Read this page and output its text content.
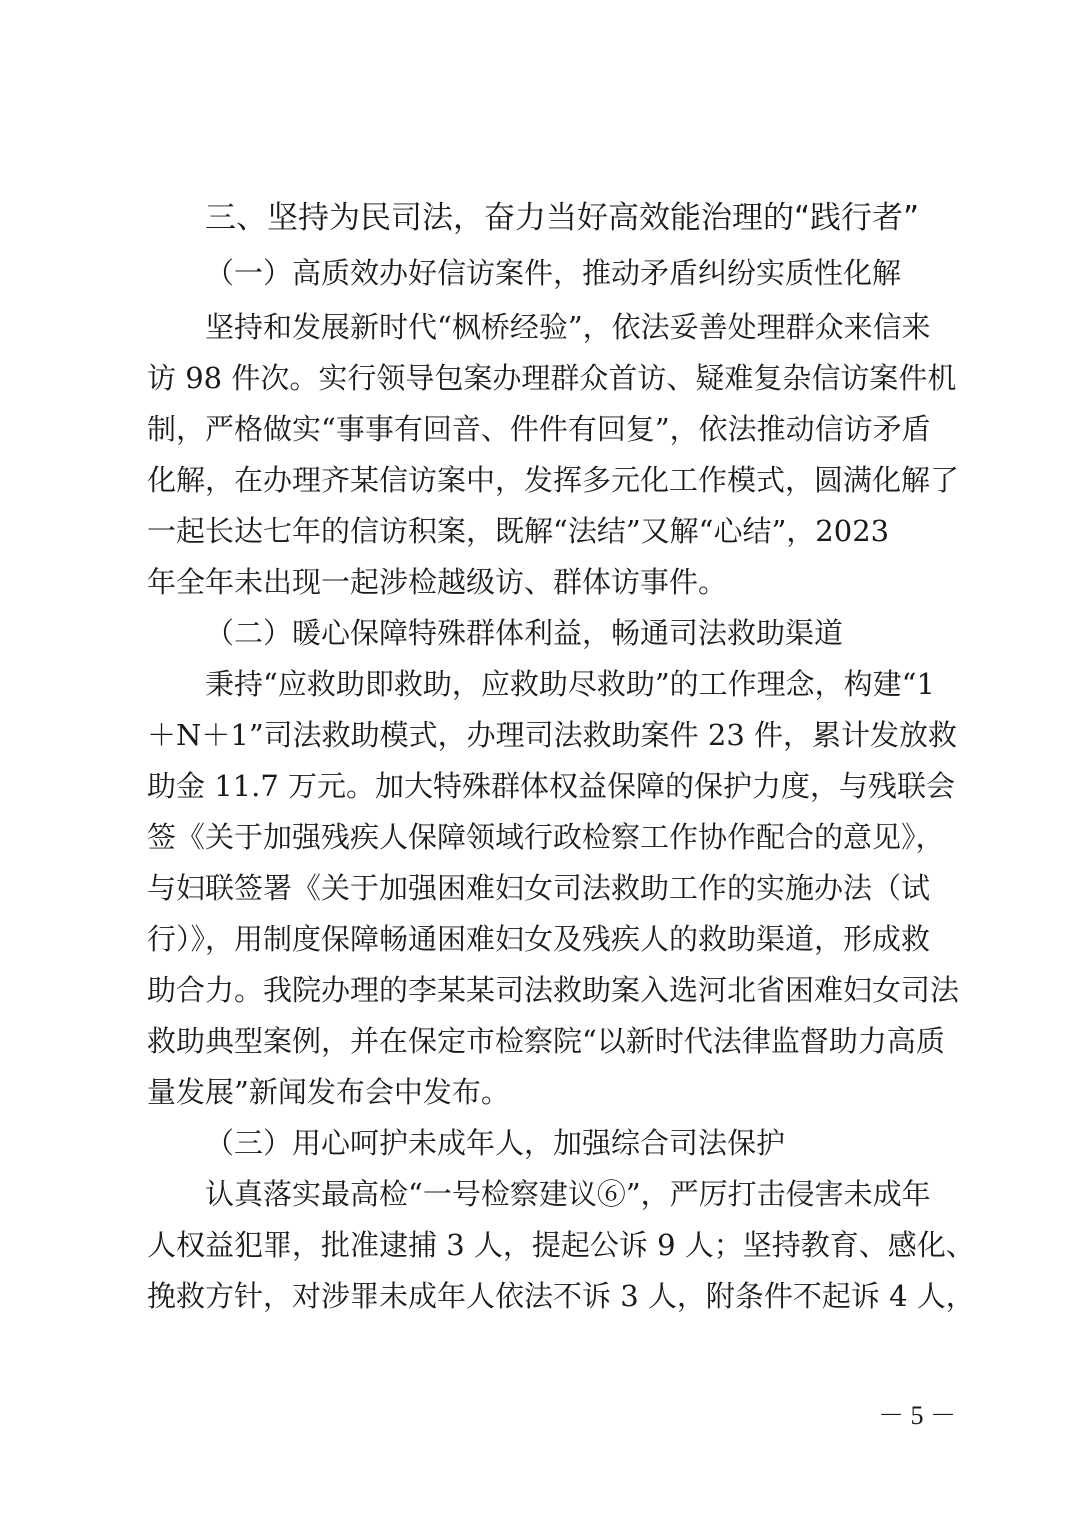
三、坚持为民司法，奋力当好高效能治理的“践行者”
（一）高质效办好信访案件，推动矛盾纠纷实质性化解
坚持和发展新时代“枫桥经验”，依法妥善处理群众来信来
访 98 件次。实行领导包案办理群众首访、疑难复杂信访案件机
制，严格做实“事事有回音、件件有回复”，依法推动信访矛盾
化解，在办理齐某信访案中，发挥多元化工作模式，圆满化解了
一起长达七年的信访积案，既解“法结”又解“心结”，2023
年全年未出现一起涉检越级访、群体访事件。
（二）暖心保障特殊群体利益，畅通司法救助渠道
秉持“应救助即救助，应救助尽救助”的工作理念，构建“1
＋N＋1”司法救助模式，办理司法救助案件 23 件，累计发放救
助金 11.7 万元。加大特殊群体权益保障的保护力度，与残联会
签《关于加强残疾人保障领域行政检察工作协作配合的意见》，
与妇联签署《关于加强困难妇女司法救助工作的实施办法（试
行）》，用制度保障畅通困难妇女及残疾人的救助渠道，形成救
助合力。我院办理的李某某司法救助案入选河北省困难妇女司法
救助典型案例，并在保定市检察院“以新时代法律监督助力高质
量发展”新闻发布会中发布。
（三）用心呵护未成年人，加强综合司法保护
认真落实最高检“一号检察建议⑥”，严厉打击侵害未成年
人权益犯罪，批准逮捕 3 人，提起公诉 9 人；坚持教育、感化、
挽救方针，对涉罪未成年人依法不诉 3 人，附条件不起诉 4 人，
－ 5 －
